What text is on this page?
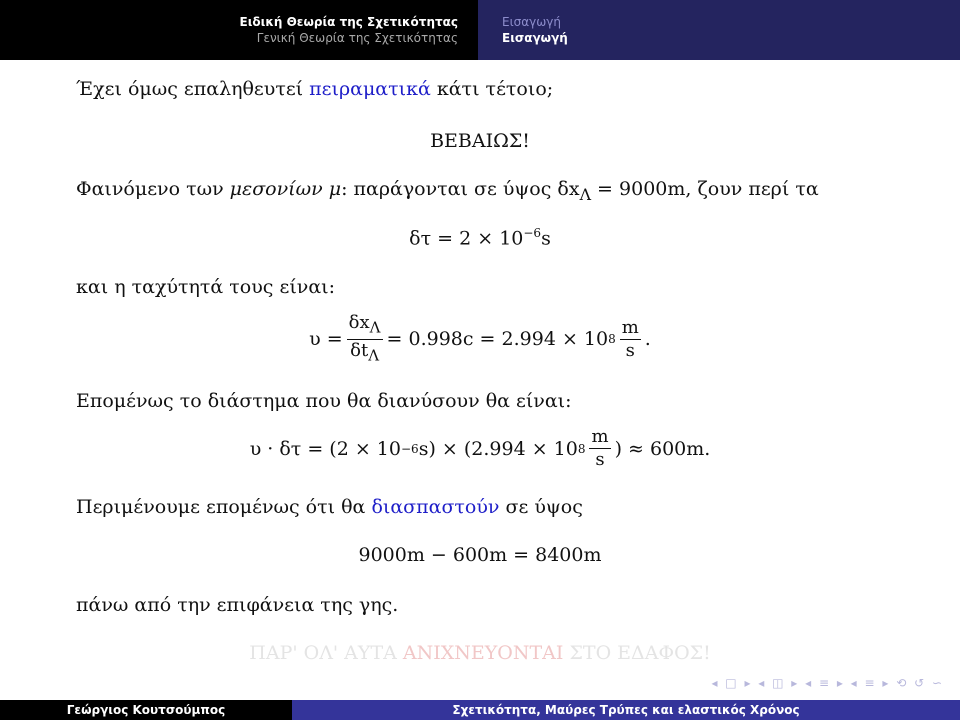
Ειδική Θεωρία της Σχετικότητας
Γενική Θεωρία της Σχετικότητας
Εισαγωγή
Εισαγωγή
Έχει όμως επαληθευτεί πειραματικά κάτι τέτοιο;
ΒΕΒΑΙΩΣ!
Φαινόμενο των μεσονίων μ: παράγονται σε ύψος $\delta x_\Lambda = 9000m$, ζουν περί τα
$\delta\tau = 2 \times 10^{-6}s$
και η ταχύτητά τους είναι:
$\upsilon = \frac{\delta x_\Lambda}{\delta t_\Lambda} = 0.998c = 2.994 \times 10$ $8 \frac{m}{s}$ .
Επομένως το διάστημα που θα διανύσουν θα είναι:
υ · δτ = (2 × 10 −6 s) × (2.994 × 10 $8 \frac{m}{s}$ ) ≈ 600m.
Περιμένουμε επομένως ότι θα διασπαστούν σε ύψος
9000m − 600m = 8400m
πάνω από την επιφάνεια της γης.
ΠΑΡ' ΟΛ' ΑΥΤΑ ΑΝΙΧΝΕΥΟΝΤΑΙ ΣΤΟ ΕΔΑΦΟΣ!
◂ □ ▸ ◂ ◫ ▸ ◂ ≡ ▸ ◂ ≡ ▸ ⟲ ↺ ∽
Γεώργιος Κουτσούμπος	Σχετικότητα, Μαύρες Τρύπες και ελαστικός Χρόνος
